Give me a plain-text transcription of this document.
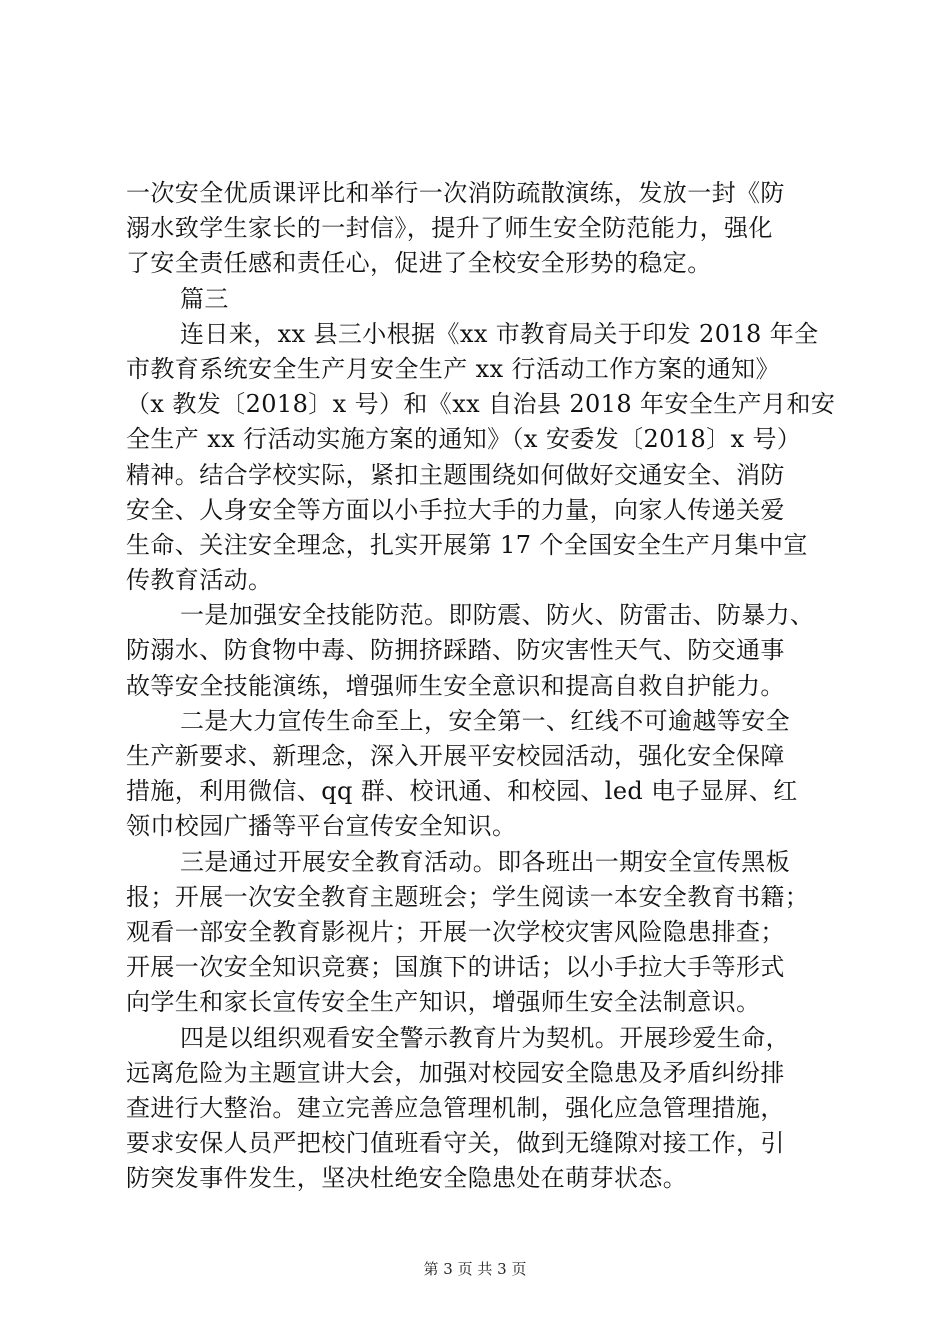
一次安全优质课评比和举行一次消防疏散演练，发放一封《防
溺水致学生家长的一封信》，提升了师生安全防范能力，强化
了安全责任感和责任心，促进了全校安全形势的稳定。
篇三
连日来，xx 县三小根据《xx 市教育局关于印发 2018 年全
市教育系统安全生产月安全生产 xx 行活动工作方案的通知》
（x 教发〔2018〕x 号）和《xx 自治县 2018 年安全生产月和安
全生产 xx 行活动实施方案的通知》（x 安委发〔2018〕x 号）
精神。结合学校实际，紧扣主题围绕如何做好交通安全、消防
安全、人身安全等方面以小手拉大手的力量，向家人传递关爱
生命、关注安全理念，扎实开展第 17 个全国安全生产月集中宣
传教育活动。
一是加强安全技能防范。即防震、防火、防雷击、防暴力、
防溺水、防食物中毒、防拥挤踩踏、防灾害性天气、防交通事
故等安全技能演练，增强师生安全意识和提高自救自护能力。
二是大力宣传生命至上，安全第一、红线不可逾越等安全
生产新要求、新理念，深入开展平安校园活动，强化安全保障
措施，利用微信、qq 群、校讯通、和校园、led 电子显屏、红
领巾校园广播等平台宣传安全知识。
三是通过开展安全教育活动。即各班出一期安全宣传黑板
报；开展一次安全教育主题班会；学生阅读一本安全教育书籍；
观看一部安全教育影视片；开展一次学校灾害风险隐患排查；
开展一次安全知识竞赛；国旗下的讲话；以小手拉大手等形式
向学生和家长宣传安全生产知识，增强师生安全法制意识。
四是以组织观看安全警示教育片为契机。开展珍爱生命，
远离危险为主题宣讲大会，加强对校园安全隐患及矛盾纠纷排
查进行大整治。建立完善应急管理机制，强化应急管理措施，
要求安保人员严把校门值班看守关，做到无缝隙对接工作，引
防突发事件发生，坚决杜绝安全隐患处在萌芽状态。
第 3 页 共 3 页
